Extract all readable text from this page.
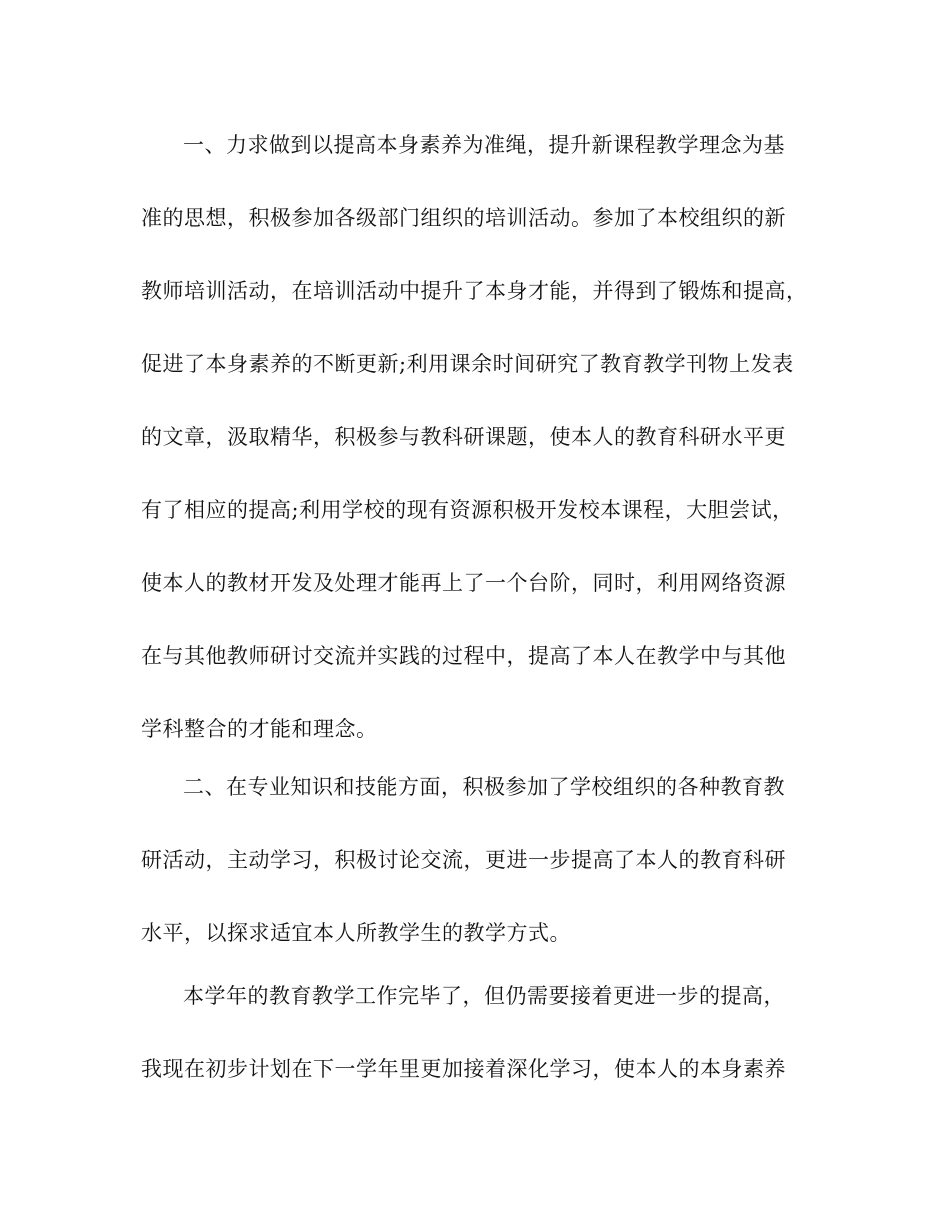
一、力求做到以提高本身素养为准绳，提升新课程教学理念为基
准的思想，积极参加各级部门组织的培训活动。参加了本校组织的新
教师培训活动，在培训活动中提升了本身才能，并得到了锻炼和提高，
促进了本身素养的不断更新;利用课余时间研究了教育教学刊物上发表
的文章，汲取精华，积极参与教科研课题，使本人的教育科研水平更
有了相应的提高;利用学校的现有资源积极开发校本课程，大胆尝试，
使本人的教材开发及处理才能再上了一个台阶，同时，利用网络资源
在与其他教师研讨交流并实践的过程中，提高了本人在教学中与其他
学科整合的才能和理念。
二、在专业知识和技能方面，积极参加了学校组织的各种教育教
研活动，主动学习，积极讨论交流，更进一步提高了本人的教育科研
水平，以探求适宜本人所教学生的教学方式。
本学年的教育教学工作完毕了，但仍需要接着更进一步的提高，
我现在初步计划在下一学年里更加接着深化学习，使本人的本身素养
